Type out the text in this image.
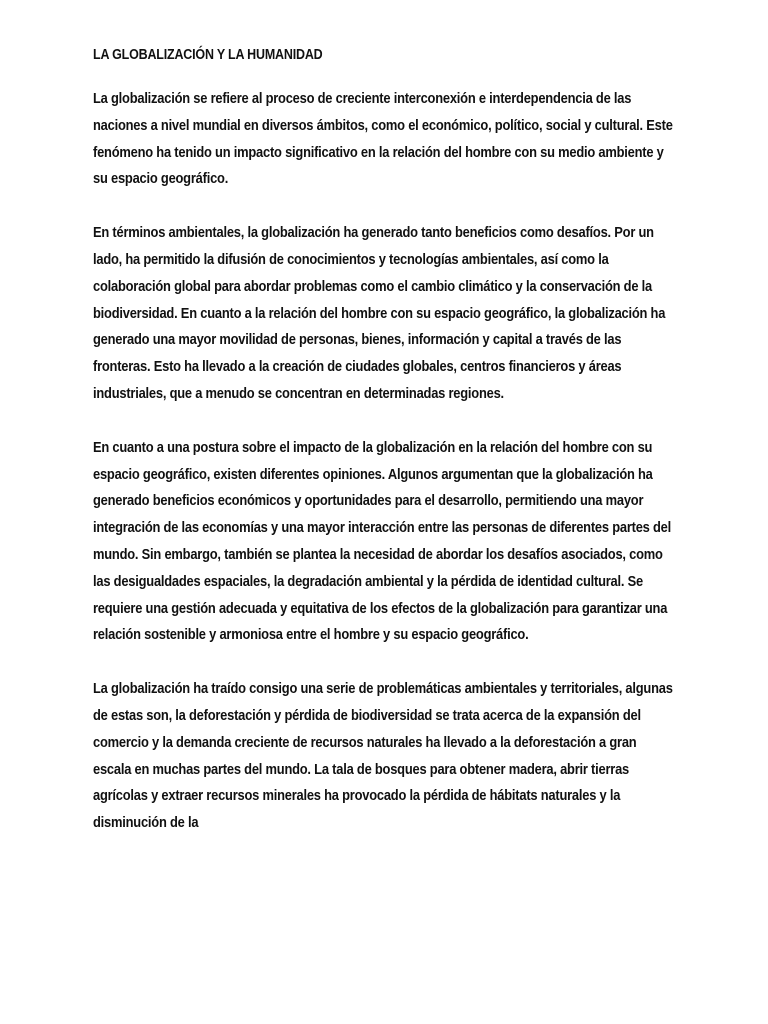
LA GLOBALIZACIÓN Y LA HUMANIDAD

La globalización se refiere al proceso de creciente interconexión e interdependencia de las naciones a nivel mundial en diversos ámbitos, como el económico, político, social y cultural. Este fenómeno ha tenido un impacto significativo en la relación del hombre con su medio ambiente y su espacio geográfico.

En términos ambientales, la globalización ha generado tanto beneficios como desafíos. Por un lado, ha permitido la difusión de conocimientos y tecnologías ambientales, así como la colaboración global para abordar problemas como el cambio climático y la conservación de la biodiversidad. En cuanto a la relación del hombre con su espacio geográfico, la globalización ha generado una mayor movilidad de personas, bienes, información y capital a través de las fronteras. Esto ha llevado a la creación de ciudades globales, centros financieros y áreas industriales, que a menudo se concentran en determinadas regiones.

En cuanto a una postura sobre el impacto de la globalización en la relación del hombre con su espacio geográfico, existen diferentes opiniones. Algunos argumentan que la globalización ha generado beneficios económicos y oportunidades para el desarrollo, permitiendo una mayor integración de las economías y una mayor interacción entre las personas de diferentes partes del mundo. Sin embargo, también se plantea la necesidad de abordar los desafíos asociados, como las desigualdades espaciales, la degradación ambiental y la pérdida de identidad cultural. Se requiere una gestión adecuada y equitativa de los efectos de la globalización para garantizar una relación sostenible y armoniosa entre el hombre y su espacio geográfico.

La globalización ha traído consigo una serie de problemáticas ambientales y territoriales, algunas de estas son, la deforestación y pérdida de biodiversidad se trata acerca de la expansión del comercio y la demanda creciente de recursos naturales ha llevado a la deforestación a gran escala en muchas partes del mundo. La tala de bosques para obtener madera, abrir tierras agrícolas y extraer recursos minerales ha provocado la pérdida de hábitats naturales y la disminución de la
